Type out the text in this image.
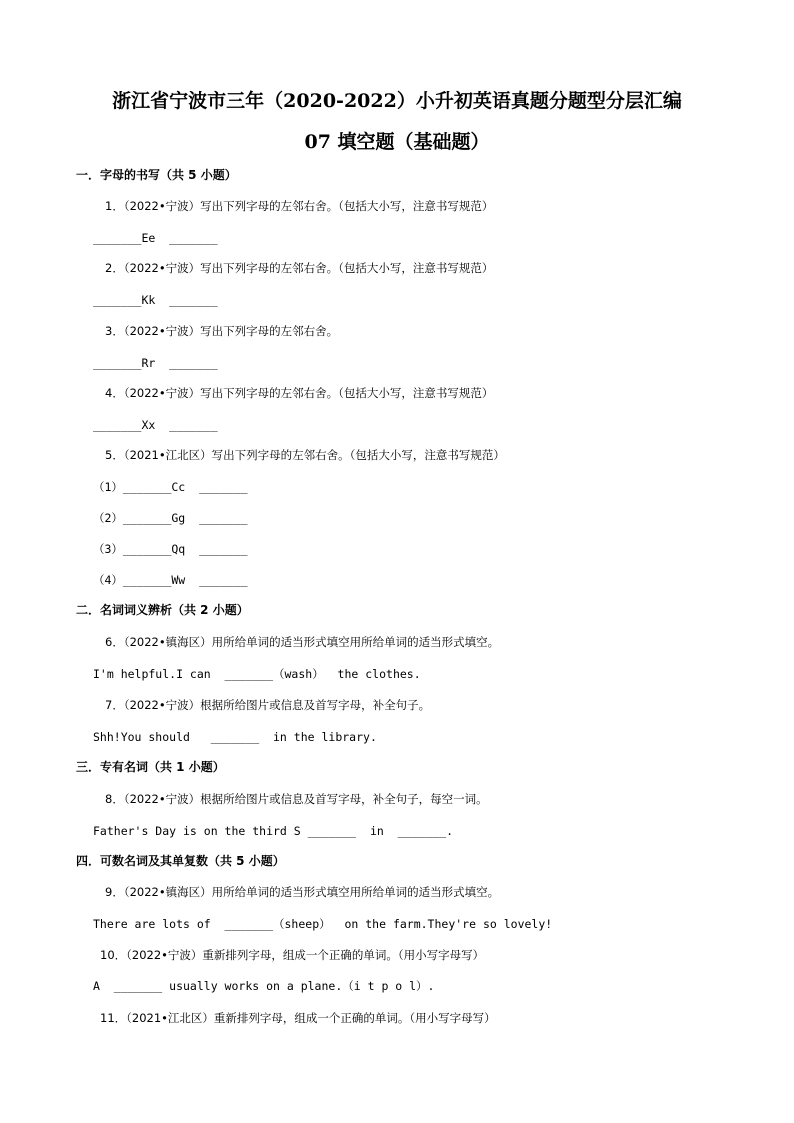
浙江省宁波市三年（2020-2022）小升初英语真题分题型分层汇编
07 填空题（基础题）
一．字母的书写（共 5 小题）
1．（2022•宁波）写出下列字母的左邻右舍。（包括大小写，注意书写规范）
_______Ee  _______
2．（2022•宁波）写出下列字母的左邻右舍。（包括大小写，注意书写规范）
_______Kk  _______
3．（2022•宁波）写出下列字母的左邻右舍。
_______Rr  _______
4．（2022•宁波）写出下列字母的左邻右舍。（包括大小写，注意书写规范）
_______Xx  _______
5．（2021•江北区）写出下列字母的左邻右舍。（包括大小写，注意书写规范）
（1）_______Cc  _______
（2）_______Gg  _______
（3）_______Qq  _______
（4）_______Ww  _______
二．名词词义辨析（共 2 小题）
6．（2022•镇海区）用所给单词的适当形式填空用所给单词的适当形式填空。
I'm helpful.I can  _______（wash）  the clothes.
7．（2022•宁波）根据所给图片或信息及首写字母，补全句子。
Shh!You should   _______  in the library.
三．专有名词（共 1 小题）
8．（2022•宁波）根据所给图片或信息及首写字母，补全句子，每空一词。
Father's Day is on the third S _______  in  _______.
四．可数名词及其单复数（共 5 小题）
9．（2022•镇海区）用所给单词的适当形式填空用所给单词的适当形式填空。
There are lots of  _______（sheep）  on the farm.They're so lovely!
10．（2022•宁波）重新排列字母，组成一个正确的单词。（用小写字母写）
A  _______ usually works on a plane.（i t p o l）.
11．（2021•江北区）重新排列字母，组成一个正确的单词。（用小写字母写）
